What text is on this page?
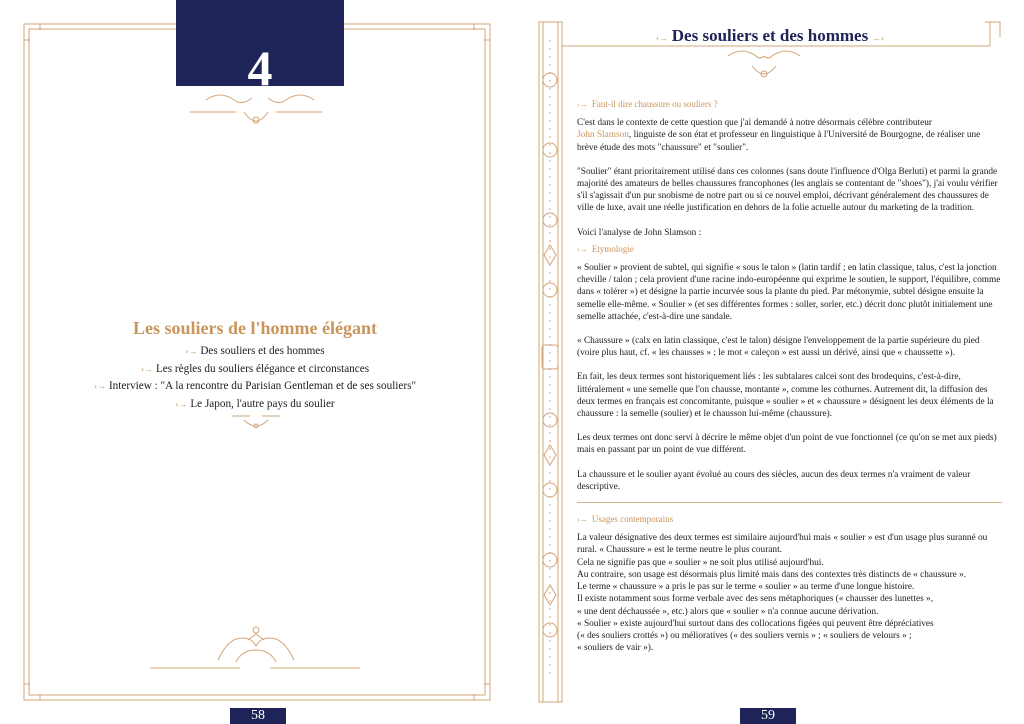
4
Les souliers de l'homme élégant
›→ Des souliers et des hommes
›→ Les règles du souliers élégance et circonstances
›→ Interview : "A la rencontre du Parisian Gentleman et de ses souliers"
›→ Le Japon, l'autre pays du soulier
58
›→ Des souliers et des hommes ←‹
›→ Faut-il dire chaussure ou souliers ?

C'est dans le contexte de cette question que j'ai demandé à notre désormais célèbre contributeur
John Slamson, linguiste de son état et professeur en linguistique à l'Université de Bourgogne, de réaliser une brève étude des mots "chaussure" et "soulier".

"Soulier" étant prioritairement utilisé dans ces colonnes (sans doute l'influence d'Olga Berluti) et parmi la grande majorité des amateurs de belles chaussures francophones (les anglais se contentant de "shoes"), j'ai voulu vérifier s'il s'agissait d'un pur snobisme de notre part ou si ce nouvel emploi, décrivant généralement des chaussures de ville de luxe, avait une réelle justification en dehors de la folie actuelle autour du marketing de la tradition.

Voici l'analyse de John Slamson :

›→ Etymologie

« Soulier » provient de subtel, qui signifie « sous le talon » (latin tardif ; en latin classique, talus, c'est la jonction cheville / talon ; cela provient d'une racine indo-européenne qui exprime le soutien, le support, l'équilibre, comme dans « tolérer ») et désigne la partie incurvée sous la plante du pied. Par métonymie, subtel désigne ensuite la semelle elle-même. « Soulier » (et ses différentes formes : soller, sorler, etc.) décrit donc plutôt initialement une semelle attachée, c'est-à-dire une sandale.

« Chaussure » (calx en latin classique, c'est le talon) désigne l'enveloppement de la partie supérieure du pied (voire plus haut, cf. « les chausses » ; le mot « caleçon » est aussi un dérivé, ainsi que « chaussette »).

En fait, les deux termes sont historiquement liés : les subtalares calcei sont des brodequins, c'est-à-dire, littéralement « une semelle que l'on chausse, montante », comme les cothurnes. Autrement dit, la diffusion des deux termes en français est concomitante, puisque « soulier » et « chaussure » désignent les deux éléments de la chaussure : la semelle (soulier) et le chausson lui-même (chaussure).

Les deux termes ont donc servi à décrire le même objet d'un point de vue fonctionnel (ce qu'on se met aux pieds) mais en passant par un point de vue différent.

La chaussure et le soulier ayant évolué au cours des siècles, aucun des deux termes n'a vraiment de valeur descriptive.

›→ Usages contemporains

La valeur désignative des deux termes est similaire aujourd'hui mais « soulier » est d'un usage plus suranné ou rural. « Chaussure » est le terme neutre le plus courant.

Cela ne signifie pas que « soulier » ne soit plus utilisé aujourd'hui.

Au contraire, son usage est désormais plus limité mais dans des contextes très distincts de « chaussure ».

Le terme « chaussure » a pris le pas sur le terme « soulier » au terme d'une longue histoire.

Il existe notamment sous forme verbale avec des sens métaphoriques (« chausser des lunettes »,

« une dent déchaussée », etc.) alors que « soulier » n'a connue aucune dérivation.

« Soulier » existe aujourd'hui surtout dans des collocations figées qui peuvent être dépréciatives

(« des souliers crottés ») ou mélioratives (« des souliers vernis » ; « souliers de velours » ;

« souliers de vair »).

59
